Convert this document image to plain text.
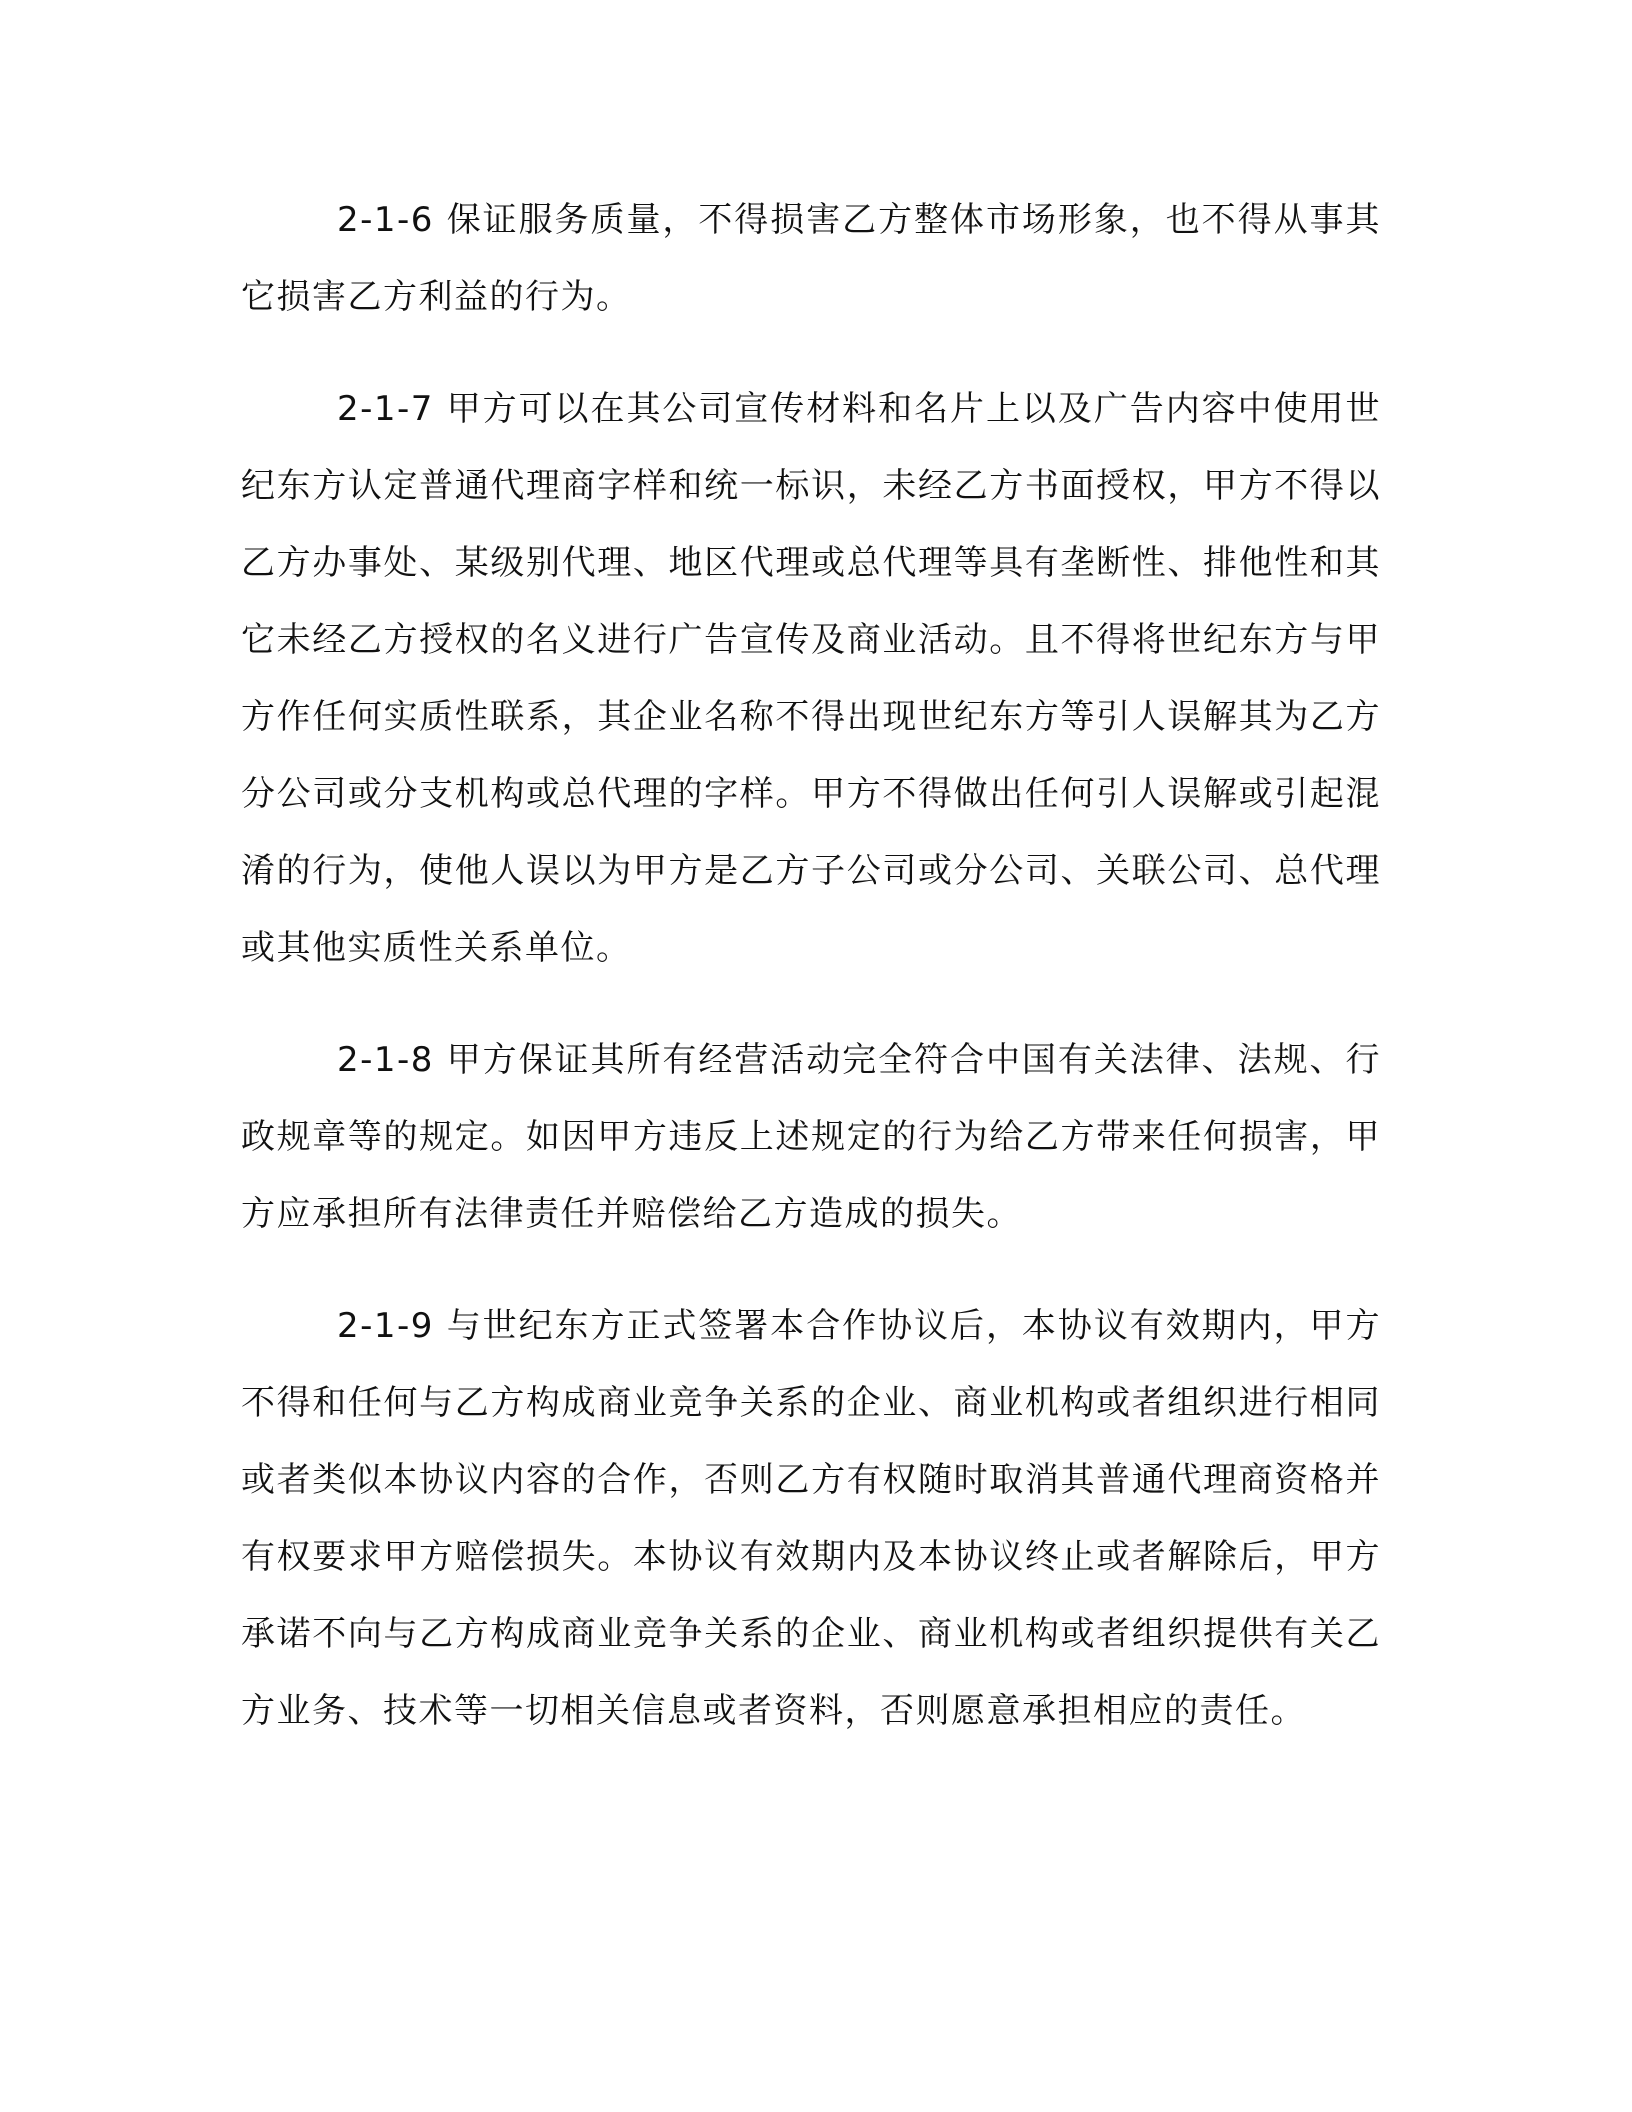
2-1-6 保证服务质量，不得损害乙方整体市场形象，也不得从事其它损害乙方利益的行为。

2-1-7 甲方可以在其公司宣传材料和名片上以及广告内容中使用世纪东方认定普通代理商字样和统一标识，未经乙方书面授权，甲方不得以乙方办事处、某级别代理、地区代理或总代理等具有垄断性、排他性和其它未经乙方授权的名义进行广告宣传及商业活动。且不得将世纪东方与甲方作任何实质性联系，其企业名称不得出现世纪东方等引人误解其为乙方分公司或分支机构或总代理的字样。甲方不得做出任何引人误解或引起混淆的行为，使他人误以为甲方是乙方子公司或分公司、关联公司、总代理或其他实质性关系单位。

2-1-8 甲方保证其所有经营活动完全符合中国有关法律、法规、行政规章等的规定。如因甲方违反上述规定的行为给乙方带来任何损害，甲方应承担所有法律责任并赔偿给乙方造成的损失。

2-1-9 与世纪东方正式签署本合作协议后，本协议有效期内，甲方不得和任何与乙方构成商业竞争关系的企业、商业机构或者组织进行相同或者类似本协议内容的合作，否则乙方有权随时取消其普通代理商资格并有权要求甲方赔偿损失。本协议有效期内及本协议终止或者解除后，甲方承诺不向与乙方构成商业竞争关系的企业、商业机构或者组织提供有关乙方业务、技术等一切相关信息或者资料，否则愿意承担相应的责任。
